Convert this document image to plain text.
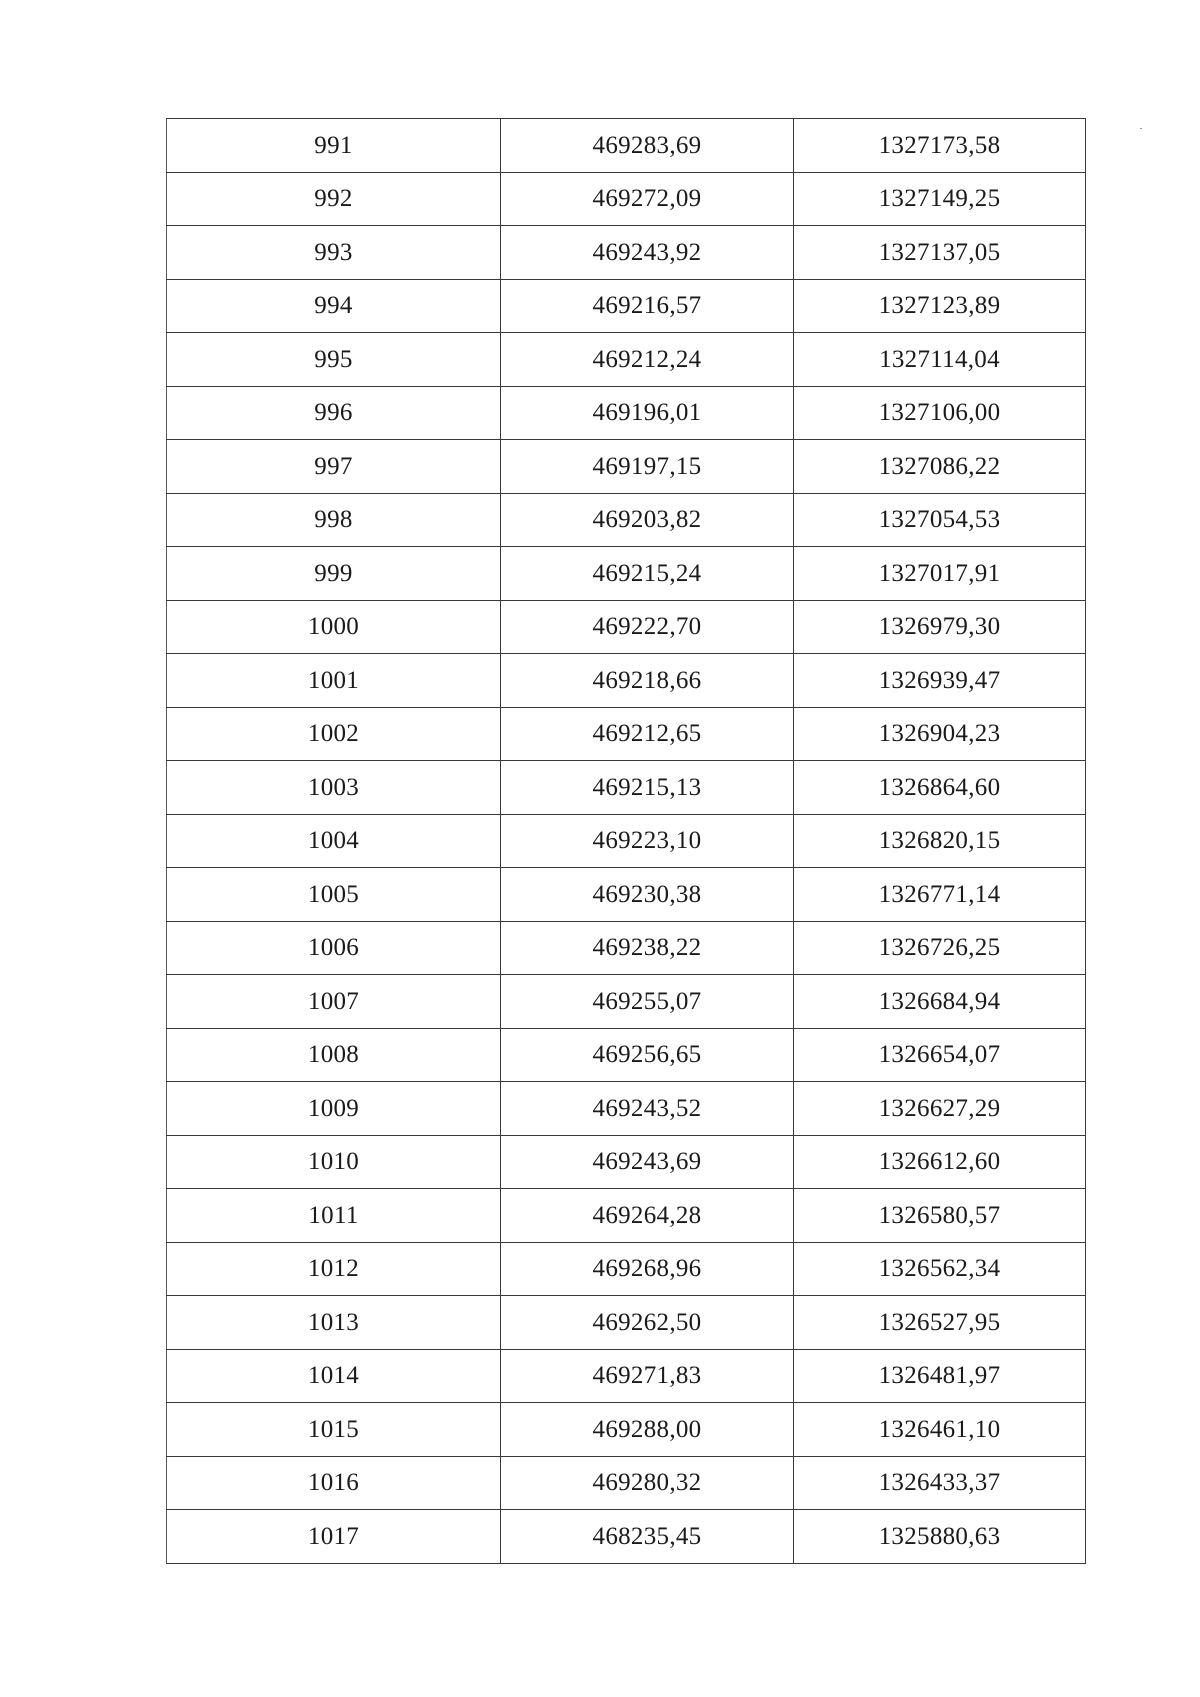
991	469283,69	1327173,58
992	469272,09	1327149,25
993	469243,92	1327137,05
994	469216,57	1327123,89
995	469212,24	1327114,04
996	469196,01	1327106,00
997	469197,15	1327086,22
998	469203,82	1327054,53
999	469215,24	1327017,91
1000	469222,70	1326979,30
1001	469218,66	1326939,47
1002	469212,65	1326904,23
1003	469215,13	1326864,60
1004	469223,10	1326820,15
1005	469230,38	1326771,14
1006	469238,22	1326726,25
1007	469255,07	1326684,94
1008	469256,65	1326654,07
1009	469243,52	1326627,29
1010	469243,69	1326612,60
1011	469264,28	1326580,57
1012	469268,96	1326562,34
1013	469262,50	1326527,95
1014	469271,83	1326481,97
1015	469288,00	1326461,10
1016	469280,32	1326433,37
1017	468235,45	1325880,63
